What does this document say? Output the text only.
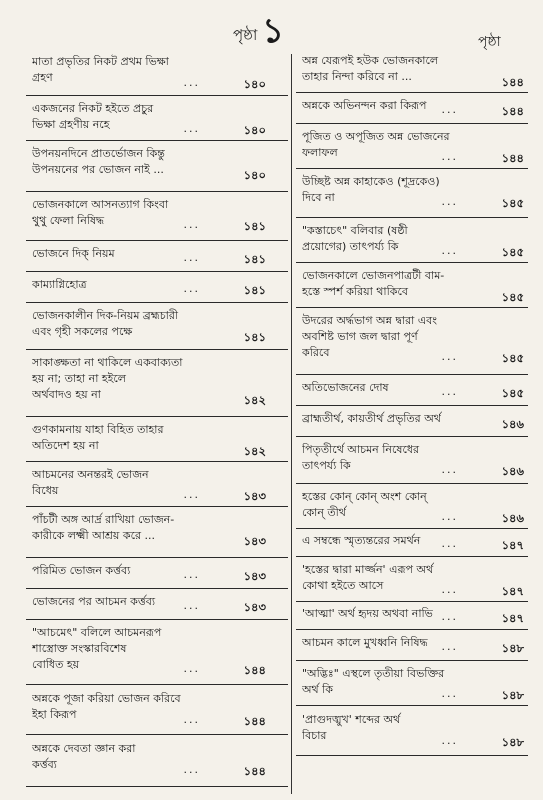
পৃষ্ঠা ১	পৃষ্ঠা
মাতা প্রভৃতির নিকট প্রথম ভিক্ষা
গ্রহণ	...	১৪০
একজনের নিকট হইতে প্রচুর
ভিক্ষা গ্রহণীয় নহে	...	১৪০
উপনয়নদিনে প্রাতর্ভোজন কিন্তু
উপনয়নের পর ভোজন নাই ...	১৪০
ভোজনকালে আসনত্যাগ কিংবা
থুথু ফেলা নিষিদ্ধ	...	১৪১
ভোজনে দিক্ নিয়ম	...	১৪১
কাম্যাগ্নিহোত্র	...	১৪১
ভোজনকালীন দিক-নিয়ম ব্রহ্মচারী
এবং গৃহী সকলের পক্ষে	১৪১
সাকাঙ্ক্ষতা না থাকিলে একবাক্যতা
হয় না; তাহা না হইলে
অর্থবাদও হয় না	১৪২
গুণকামনায় যাহা বিহিত তাহার
অতিদেশ হয় না	১৪২
আচমনের অনন্তরই ভোজন
বিধেয়	...	১৪৩
পাঁচটী অঙ্গ আর্দ্র রাখিয়া ভোজন-
কারীকে লক্ষ্মী আশ্রয় করে ...	১৪৩
পরিমিত ভোজন কর্ত্তব্য	...	১৪৩
ভোজনের পর আচমন কর্ত্তব্য	...	১৪৩
"আচমেৎ" বলিলে আচমনরূপ
শাস্ত্রোক্ত সংস্কারবিশেষ
বোধিত হয়	...	১৪৪
অন্নকে পূজা করিয়া ভোজন করিবে
ইহা কিরূপ	...	১৪৪
অন্নকে দেবতা জ্ঞান করা
কর্ত্তব্য	...	১৪৪
অন্ন যেরূপই হউক ভোজনকালে
তাহার নিন্দা করিবে না ...	১৪৪
অন্নকে অভিনন্দন করা কিরূপ	...	১৪৪
পূজিত ও অপূজিত অন্ন ভোজনের
ফলাফল	...	১৪৪
উচ্ছিষ্ট অন্ন কাহাকেও (শূদ্রকেও)
দিবে না	...	১৪৫
"কস্তাচেৎ" বলিবার (ষষ্ঠী
প্রয়োগের) তাৎপর্য্য কি	...	১৪৫
ভোজনকালে ভোজনপাত্রটী বাম-
হস্তে স্পর্শ করিয়া থাকিবে	১৪৫
উদরের অর্দ্ধভাগ অন্ন দ্বারা এবং
অবশিষ্ট ভাগ জল দ্বারা পূর্ণ
করিবে	...	১৪৫
অতিভোজনের দোষ	...	১৪৫
ব্রাহ্মতীর্থ, কায়তীর্থ প্রভৃতির অর্থ	১৪৬
পিতৃতীর্থে আচমন নিষেধের
তাৎপর্য্য কি	...	১৪৬
হস্তের কোন্ কোন্ অংশ কোন্
কোন্ তীর্থ	...	১৪৬
এ সম্বন্ধে স্মৃত্যন্তরের সমর্থন	...	১৪৭
'হস্তের দ্বারা মার্জ্জন' এরূপ অর্থ
কোথা হইতে আসে	...	১৪৭
'আত্মা' অর্থ হৃদয় অথবা নাভি ...	১৪৭
আচমন কালে মুখধ্বনি নিষিদ্ধ	...	১৪৮
"অদ্ভিঃ" এস্থলে তৃতীয়া বিভক্তির
অর্থ কি	...	১৪৮
'প্রাগুদঙ্মুখ' শব্দের অর্থ
বিচার	...	১৪৮
